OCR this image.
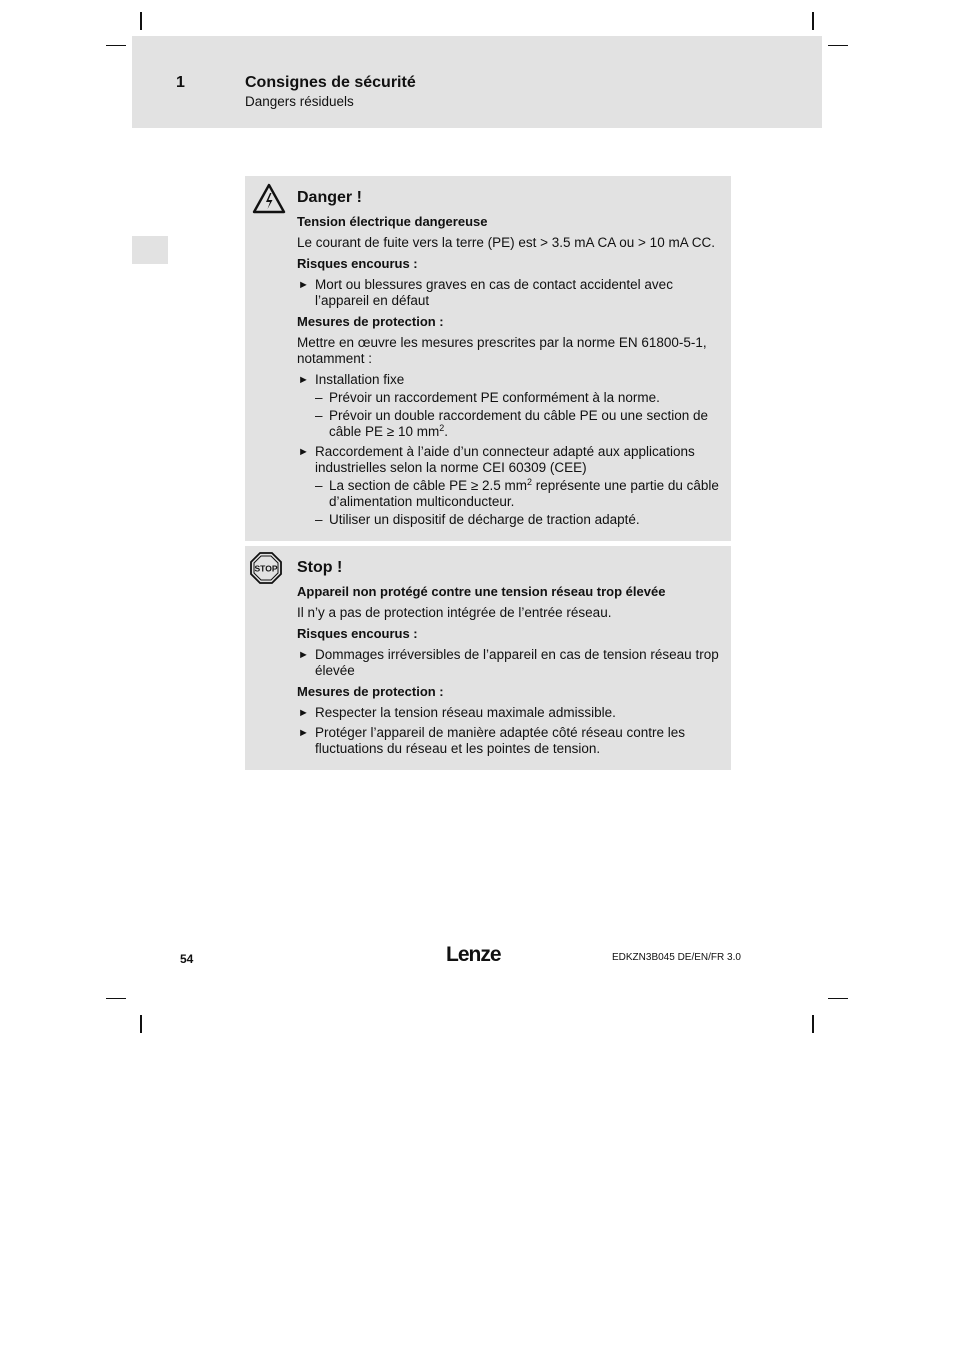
1	Consignes de sécurité
Dangers résiduels
Danger !
Tension électrique dangereuse

Le courant de fuite vers la terre (PE) est > 3.5 mA CA ou > 10 mA CC.

Risques encourus :
► Mort ou blessures graves en cas de contact accidentel avec l’appareil en défaut
Mesures de protection :

Mettre en œuvre les mesures prescrites par la norme EN 61800-5-1, notamment :

► Installation fixe
– Prévoir un raccordement PE conformément à la norme.
– Prévoir un double raccordement du câble PE ou une section de câble PE ≥ 10 $mm^2$.
► Raccordement à l’aide d’un connecteur adapté aux applications industrielles selon la norme CEI 60309 (CEE)
– La section de câble PE ≥ 2.5 $mm^2$ représente une partie du câble d’alimentation multiconducteur.
– Utiliser un dispositif de décharge de traction adapté.
STOP Stop !
Appareil non protégé contre une tension réseau trop élevée

Il n’y a pas de protection intégrée de l’entrée réseau.

Risques encourus :
► Dommages irréversibles de l’appareil en cas de tension réseau trop élevée
Mesures de protection :
► Respecter la tension réseau maximale admissible.
► Protéger l’appareil de manière adaptée côté réseau contre les fluctuations du réseau et les pointes de tension.
54	Lenze	EDKZN3B045 DE/EN/FR 3.0
